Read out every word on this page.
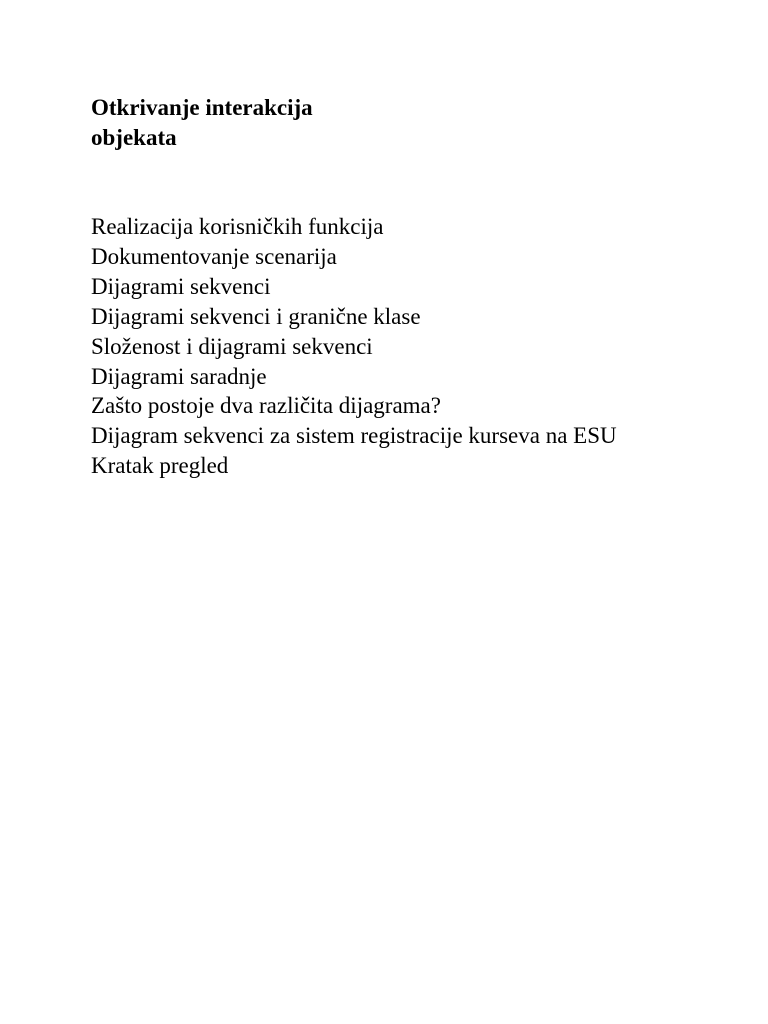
Otkrivanje interakcija
objekata
Realizacija korisničkih funkcija
Dokumentovanje scenarija
Dijagrami sekvenci
Dijagrami sekvenci i granične klase
Složenost i dijagrami sekvenci
Dijagrami saradnje
Zašto postoje dva različita dijagrama?
Dijagram sekvenci za sistem registracije kurseva na ESU
Kratak pregled
